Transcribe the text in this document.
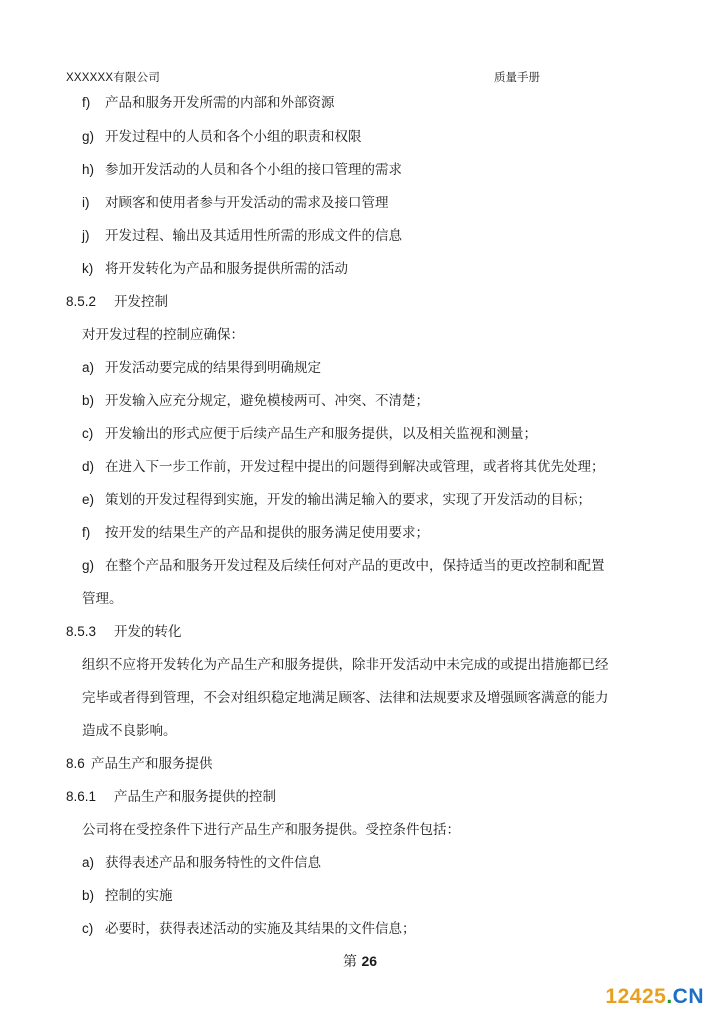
XXXXXX有限公司	质量手册
f) 产品和服务开发所需的内部和外部资源
g) 开发过程中的人员和各个小组的职责和权限
h) 参加开发活动的人员和各个小组的接口管理的需求
i) 对顾客和使用者参与开发活动的需求及接口管理
j) 开发过程、输出及其适用性所需的形成文件的信息
k) 将开发转化为产品和服务提供所需的活动
8.5.2 开发控制
对开发过程的控制应确保：
a) 开发活动要完成的结果得到明确规定
b) 开发输入应充分规定，避免模棱两可、冲突、不清楚；
c) 开发输出的形式应便于后续产品生产和服务提供，以及相关监视和测量；
d) 在进入下一步工作前，开发过程中提出的问题得到解决或管理，或者将其优先处理；
e) 策划的开发过程得到实施，开发的输出满足输入的要求，实现了开发活动的目标；
f) 按开发的结果生产的产品和提供的服务满足使用要求；
g) 在整个产品和服务开发过程及后续任何对产品的更改中，保持适当的更改控制和配置
管理。
8.5.3 开发的转化
组织不应将开发转化为产品生产和服务提供，除非开发活动中未完成的或提出措施都已经
完毕或者得到管理，不会对组织稳定地满足顾客、法律和法规要求及增强顾客满意的能力
造成不良影响。
8.6 产品生产和服务提供
8.6.1 产品生产和服务提供的控制
公司将在受控条件下进行产品生产和服务提供。受控条件包括：
a) 获得表述产品和服务特性的文件信息
b) 控制的实施
c) 必要时，获得表述活动的实施及其结果的文件信息；
第 26
12425.CN
